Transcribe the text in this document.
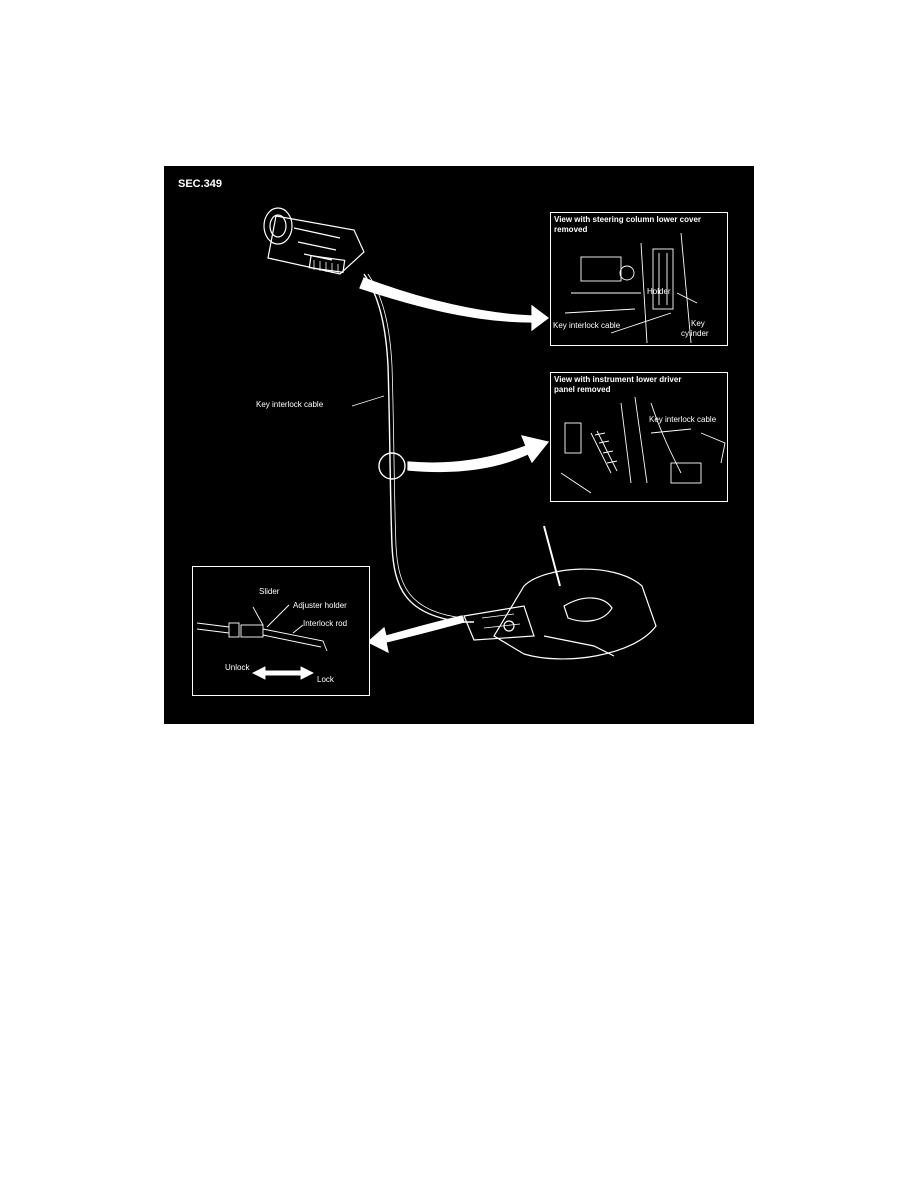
SEC.349
Key interlock cable
View with steering column lower cover removed
Holder
Key interlock cable	Key
cylinder
View with instrument lower driver panel removed
Key interlock cable
Slider
Adjuster holder
Interlock rod
Unlock
Lock
